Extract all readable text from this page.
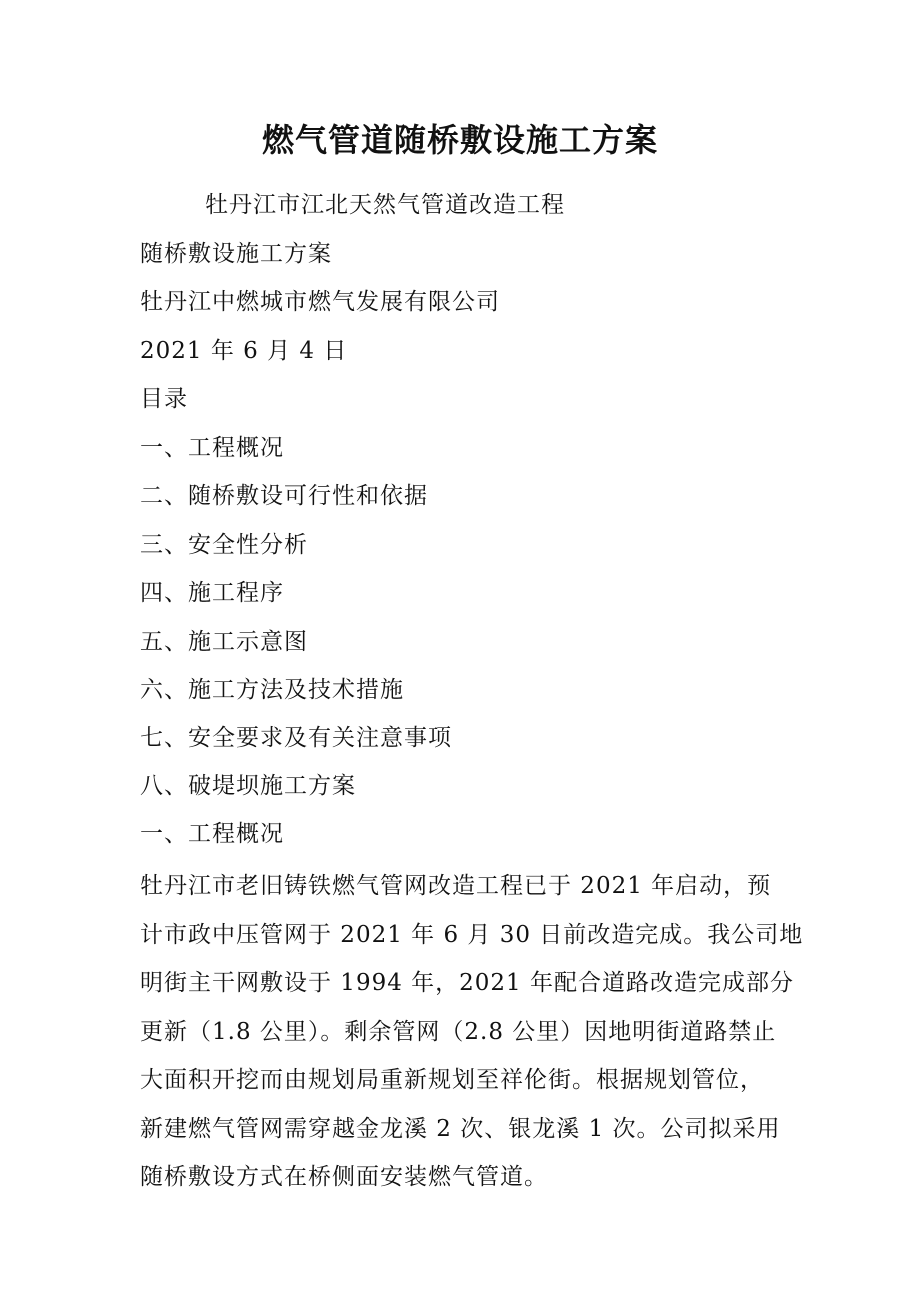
燃气管道随桥敷设施工方案
牡丹江市江北天然气管道改造工程
随桥敷设施工方案
牡丹江中燃城市燃气发展有限公司
2021 年 6 月 4 日
目录
一、工程概况
二、随桥敷设可行性和依据
三、安全性分析
四、施工程序
五、施工示意图
六、施工方法及技术措施
七、安全要求及有关注意事项
八、破堤坝施工方案
一、工程概况
牡丹江市老旧铸铁燃气管网改造工程已于 2021 年启动，预
计市政中压管网于 2021 年 6 月 30 日前改造完成。我公司地
明街主干网敷设于 1994 年，2021 年配合道路改造完成部分
更新（1.8 公里）。剩余管网（2.8 公里）因地明街道路禁止
大面积开挖而由规划局重新规划至祥伦街。根据规划管位，
新建燃气管网需穿越金龙溪 2 次、银龙溪 1 次。公司拟采用
随桥敷设方式在桥侧面安装燃气管道。
